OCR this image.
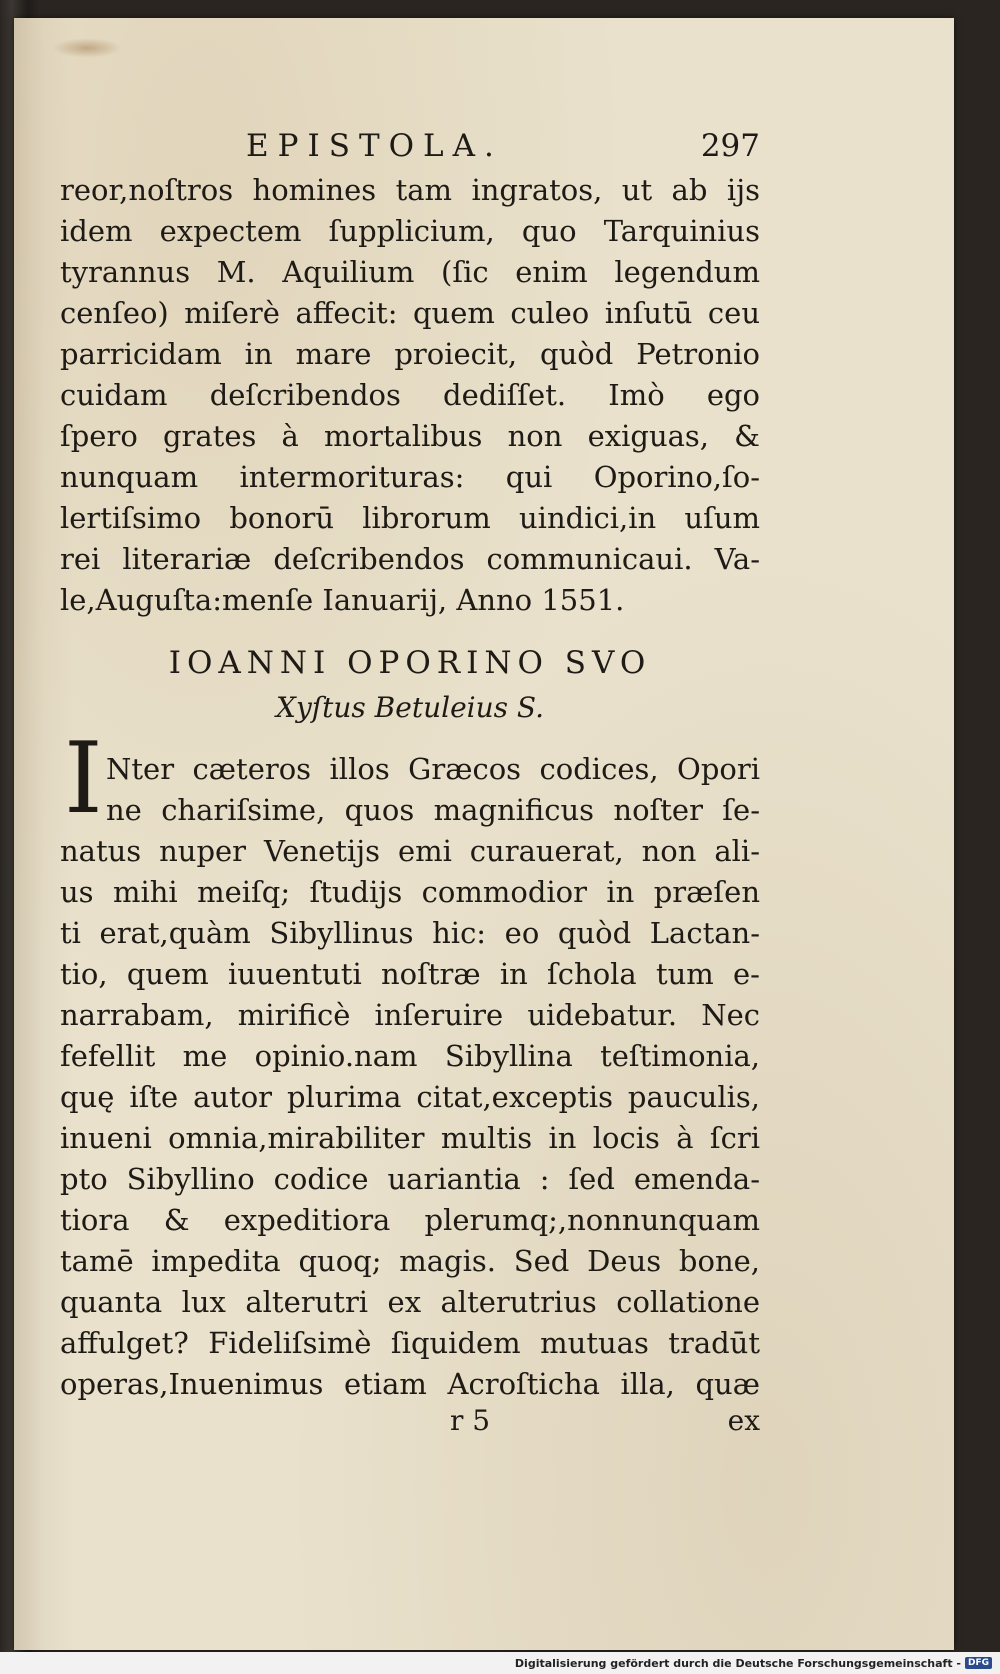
EPISTOLA.	297
reor,noſtros homines tam ingratos, ut ab ijs
idem expectem ſupplicium, quo Tarquinius
tyrannus M. Aquilium (ſic enim legendum
cenſeo) miſerè affecit: quem culeo inſutū ceu
parricidam in mare proiecit, quòd Petronio
cuidam deſcribendos dediſſet. Imò ego
ſpero grates à mortalibus non exiguas, &
nunquam intermorituras: qui Oporino,ſo-
lertiſsimo bonorū librorum uindici,in uſum
rei literariæ deſcribendos communicaui. Va-
le,Auguſta:menſe Ianuarij, Anno 1551.
IOANNI OPORINO SVO
Xyſtus Betuleius S.
I Nter cæteros illos Græcos codices, Opori
ne chariſsime, quos magnificus noſter ſe-
natus nuper Venetijs emi curauerat, non ali-
us mihi meiſq; ſtudijs commodior in præſen
ti erat,quàm Sibyllinus hic: eo quòd Lactan-
tio, quem iuuentuti noſtræ in ſchola tum e-
narrabam, mirificè inſeruire uidebatur. Nec
fefellit me opinio.nam Sibyllina teſtimonia,
quę iſte autor plurima citat,exceptis pauculis,
inueni omnia,mirabiliter multis in locis à ſcri
pto Sibyllino codice uariantia : ſed emenda-
tiora & expeditiora plerumq;,nonnunquam
tamē impedita quoq; magis. Sed Deus bone,
quanta lux alterutri ex alterutrius collatione
affulget? Fideliſsimè ſiquidem mutuas tradūt
operas,Inuenimus etiam Acroſticha illa, quæ
r 5	ex
Digitalisierung gefördert durch die Deutsche Forschungsgemeinschaft - DFG
